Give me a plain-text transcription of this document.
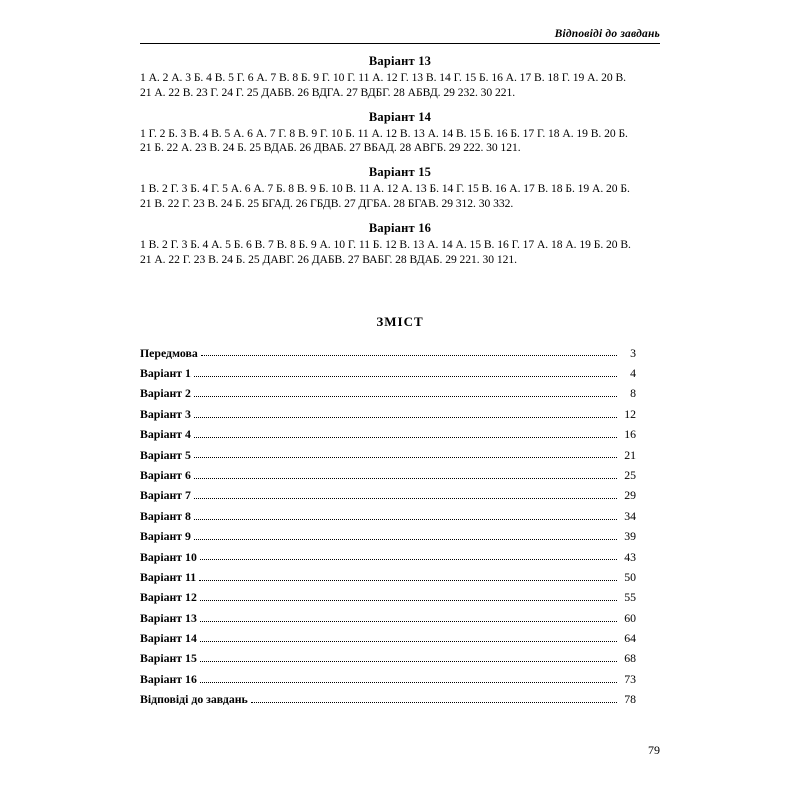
Відповіді до завдань
Варіант 13
1 А. 2 А. 3 Б. 4 В. 5 Г. 6 А. 7 В. 8 Б. 9 Г. 10 Г. 11 А. 12 Г. 13 В. 14 Г. 15 Б. 16 А. 17 В. 18 Г. 19 А. 20 В.
21 А. 22 В. 23 Г. 24 Г. 25 ДАБВ. 26 ВДГА. 27 ВДБГ. 28 АБВД. 29 232. 30 221.
Варіант 14
1 Г. 2 Б. 3 В. 4 В. 5 А. 6 А. 7 Г. 8 В. 9 Г. 10 Б. 11 А. 12 В. 13 А. 14 В. 15 Б. 16 Б. 17 Г. 18 А. 19 В. 20 Б.
21 Б. 22 А. 23 В. 24 Б. 25 ВДАБ. 26 ДВАБ. 27 ВБАД. 28 АВГБ. 29 222. 30 121.
Варіант 15
1 В. 2 Г. 3 Б. 4 Г. 5 А. 6 А. 7 Б. 8 В. 9 Б. 10 В. 11 А. 12 А. 13 Б. 14 Г. 15 В. 16 А. 17 В. 18 Б. 19 А. 20 Б.
21 В. 22 Г. 23 В. 24 Б. 25 БГАД. 26 ГБДВ. 27 ДГБА. 28 БГАВ. 29 312. 30 332.
Варіант 16
1 В. 2 Г. 3 Б. 4 А. 5 Б. 6 В. 7 В. 8 Б. 9 А. 10 Г. 11 Б. 12 В. 13 А. 14 А. 15 В. 16 Г. 17 А. 18 А. 19 Б. 20 В.
21 А. 22 Г. 23 В. 24 Б. 25 ДАВГ. 26 ДАБВ. 27 ВАБГ. 28 ВДАБ. 29 221. 30 121.
ЗМІСТ
Передмова	3
Варіант 1	4
Варіант 2	8
Варіант 3	12
Варіант 4	16
Варіант 5	21
Варіант 6	25
Варіант 7	29
Варіант 8	34
Варіант 9	39
Варіант 10	43
Варіант 11	50
Варіант 12	55
Варіант 13	60
Варіант 14	64
Варіант 15	68
Варіант 16	73
Відповіді до завдань	78
79
